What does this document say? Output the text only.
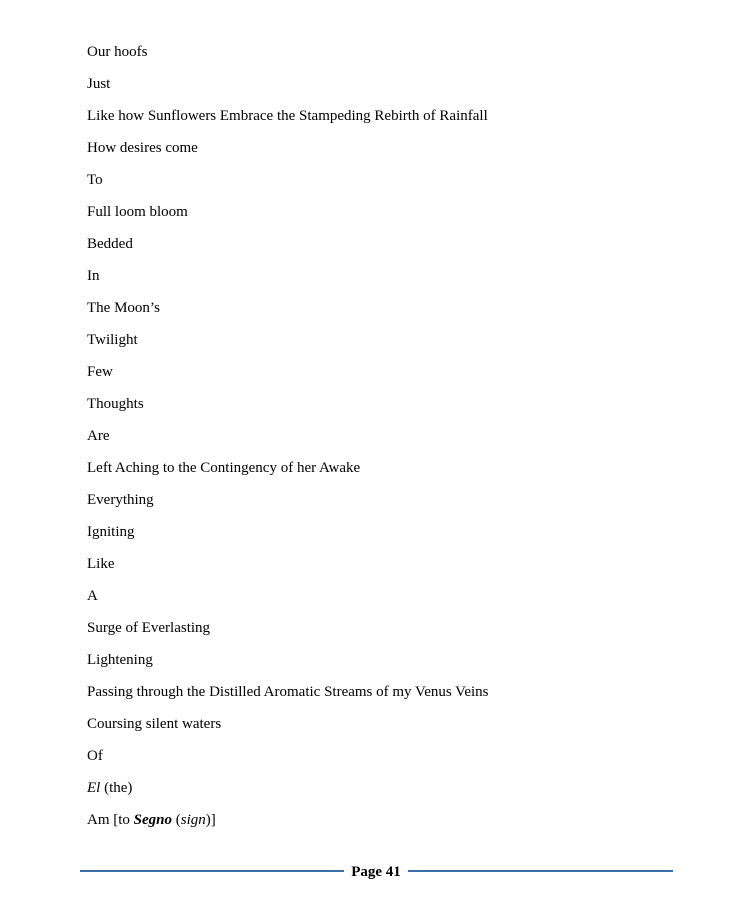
Our hoofs
Just
Like how Sunflowers Embrace the Stampeding Rebirth of Rainfall
How desires come
To
Full loom bloom
Bedded
In
The Moon’s
Twilight
Few
Thoughts
Are
Left Aching to the Contingency of her Awake
Everything
Igniting
Like
A
Surge of Everlasting
Lightening
Passing through the Distilled Aromatic Streams of my Venus Veins
Coursing silent waters
Of
El (the)
Am [to Segno (sign)]
Page 41
